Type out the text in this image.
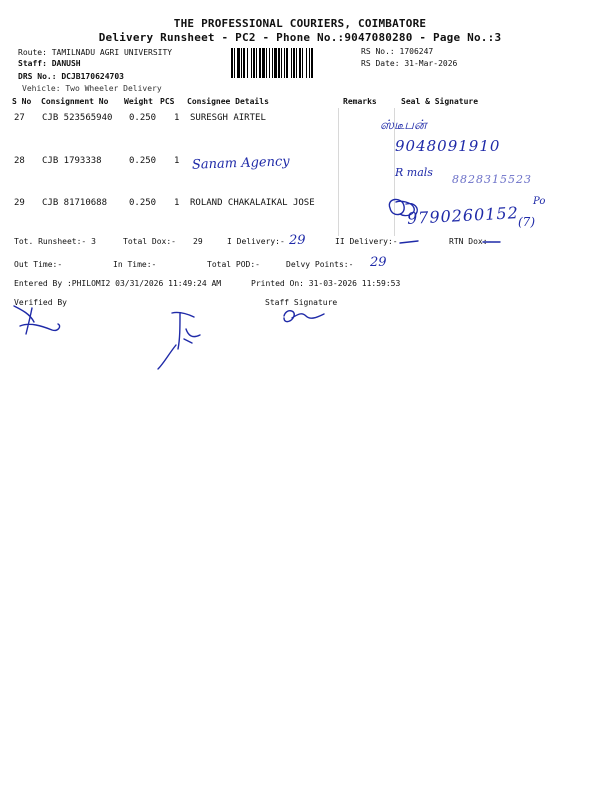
THE PROFESSIONAL COURIERS, COIMBATORE
Delivery Runsheet - PC2 - Phone No.:9047080280 - Page No.:3
Route: TAMILNADU AGRI UNIVERSITY
Staff: DANUSH
DRS No.: DCJB170624703
Vehicle: Two Wheeler Delivery
RS No.: 1706247
RS Date: 31-Mar-2026
S No Consignment No Weight PCS Consignee Details	Remarks	Seal & Signature
27 CJB 523565940 0.250 1 SURESGH AIRTEL
28 CJB 1793338	0.250 1
29 CJB 81710688 0.250 1 ROLAND CHAKALAIKAL JOSE
ஸ்டீபன்
9048091910
Sanam Agency	R mals
8828315523
9790260152
Po
(7)
Tot. Runsheet:- 3	Total Dox:- 29	I Delivery:- 29	II Delivery:-	RTN Dox:-
Out Time:-	In Time:-	Total POD:-	Delvy Points:- 29
Entered By :PHILOMI2 03/31/2026 11:49:24 AM	Printed On: 31-03-2026 11:59:53
Verified By	Staff Signature
